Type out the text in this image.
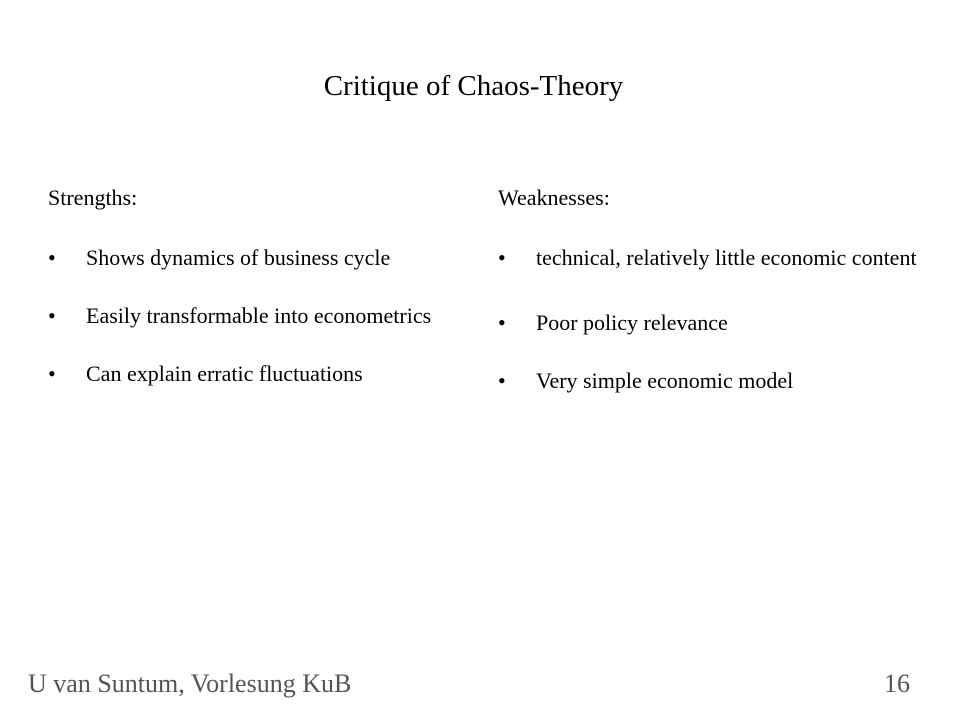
Critique of Chaos-Theory
Strengths:
• Shows dynamics of business cycle
• Easily transformable into econometrics
• Can explain erratic fluctuations
Weaknesses:
• technical, relatively little economic content
• Poor policy relevance
• Very simple economic model
U van Suntum, Vorlesung KuB	16
